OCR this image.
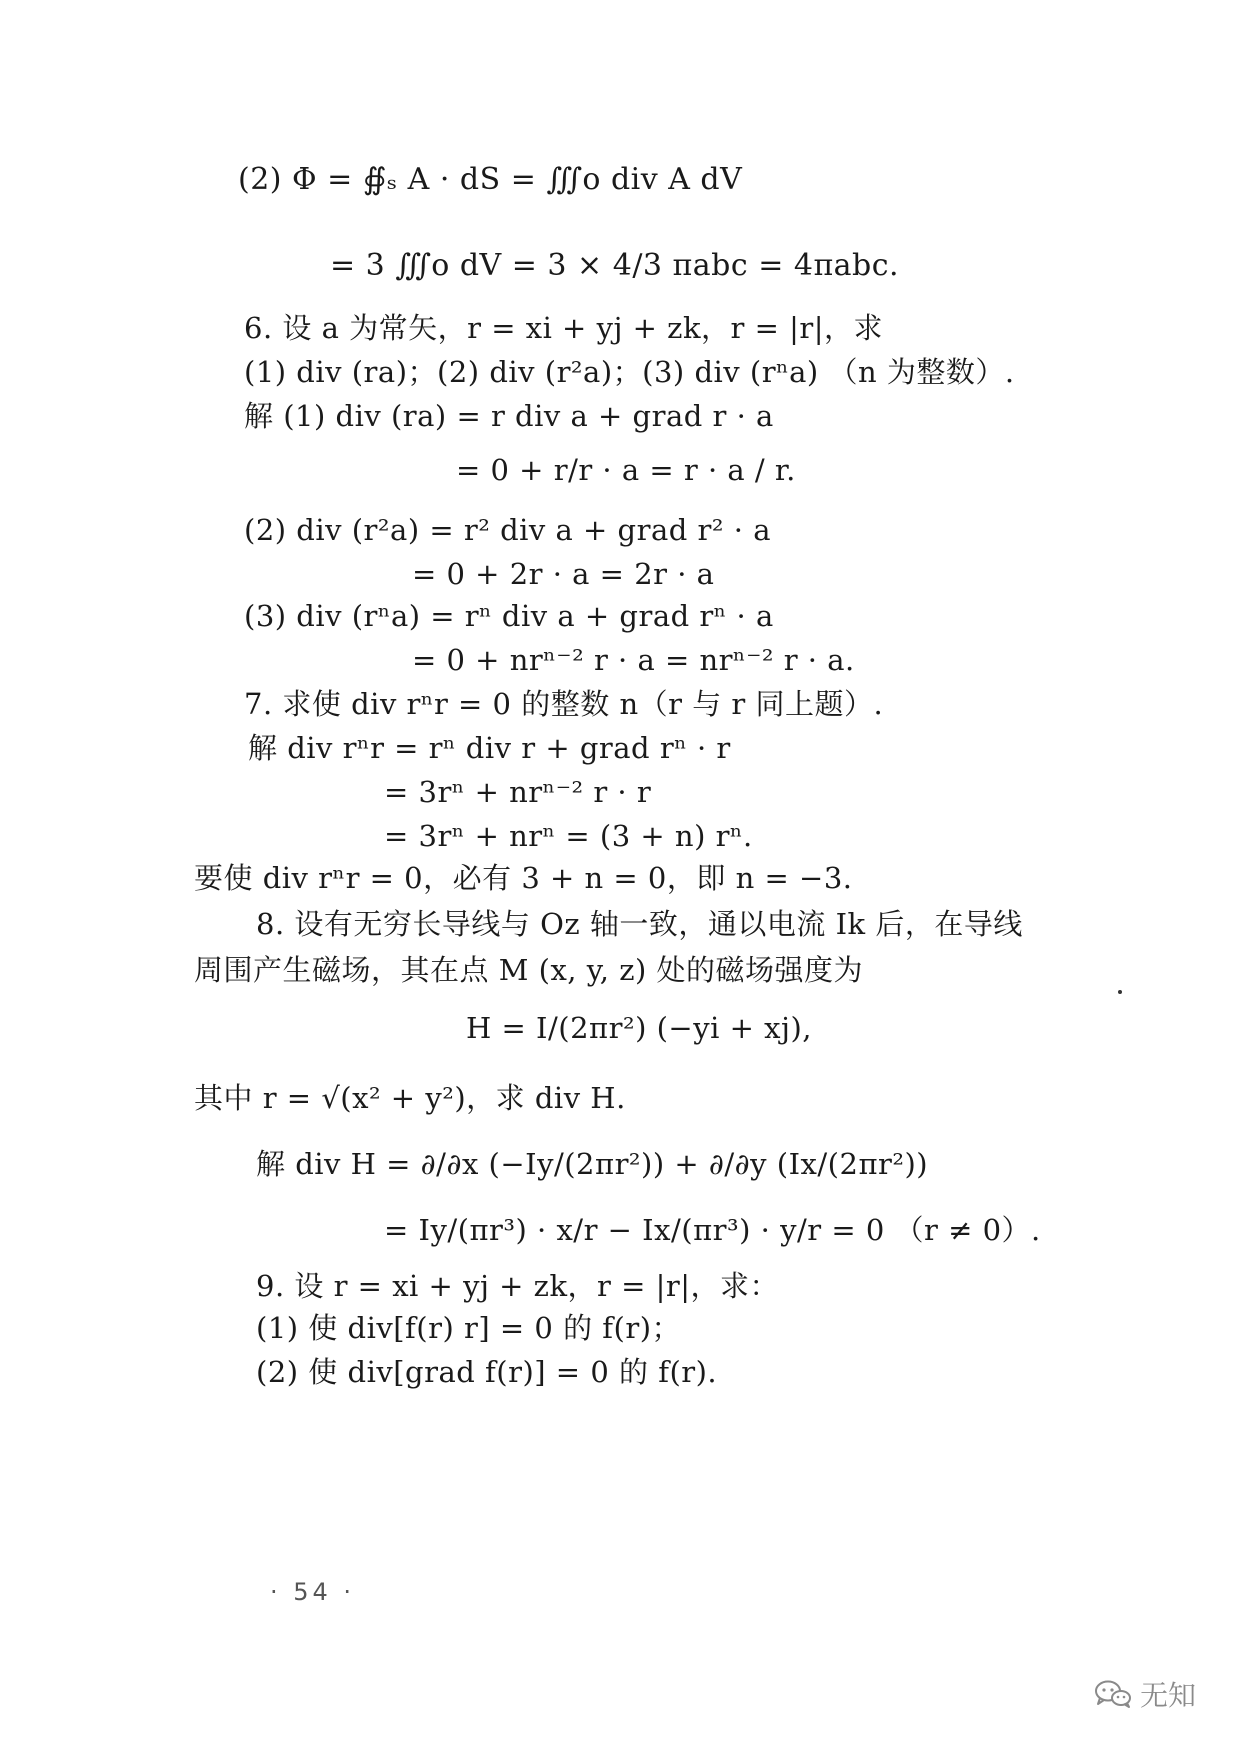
(2) Φ = ∯ₛ A · dS = ∭ᴏ div A dV
= 3 ∭ᴏ dV = 3 × 4/3 πabc = 4πabc.
6. 设 a 为常矢，r = xi + yj + zk，r = |r|，求
(1) div (ra)；(2) div (r²a)；(3) div (rⁿa) （n 为整数）.
解 (1) div (ra) = r div a + grad r · a
= 0 + r/r · a = r · a / r.
(2) div (r²a) = r² div a + grad r² · a
= 0 + 2r · a = 2r · a
(3) div (rⁿa) = rⁿ div a + grad rⁿ · a
= 0 + nrⁿ⁻² r · a = nrⁿ⁻² r · a.
7. 求使 div rⁿr = 0 的整数 n（r 与 r 同上题）.
解 div rⁿr = rⁿ div r + grad rⁿ · r
= 3rⁿ + nrⁿ⁻² r · r
= 3rⁿ + nrⁿ = (3 + n) rⁿ.
要使 div rⁿr = 0，必有 3 + n = 0，即 n = −3.
8. 设有无穷长导线与 Oz 轴一致，通以电流 Ik 后，在导线
周围产生磁场，其在点 M (x, y, z) 处的磁场强度为
H = I/(2πr²) (−yi + xj),
其中 r = √(x² + y²)，求 div H.
解 div H = ∂/∂x (−Iy/(2πr²)) + ∂/∂y (Ix/(2πr²))
= Iy/(πr³) · x/r − Ix/(πr³) · y/r = 0 （r ≠ 0）.
9. 设 r = xi + yj + zk，r = |r|，求：
(1) 使 div[f(r) r] = 0 的 f(r)；
(2) 使 div[grad f(r)] = 0 的 f(r).
· 54 ·
无知
